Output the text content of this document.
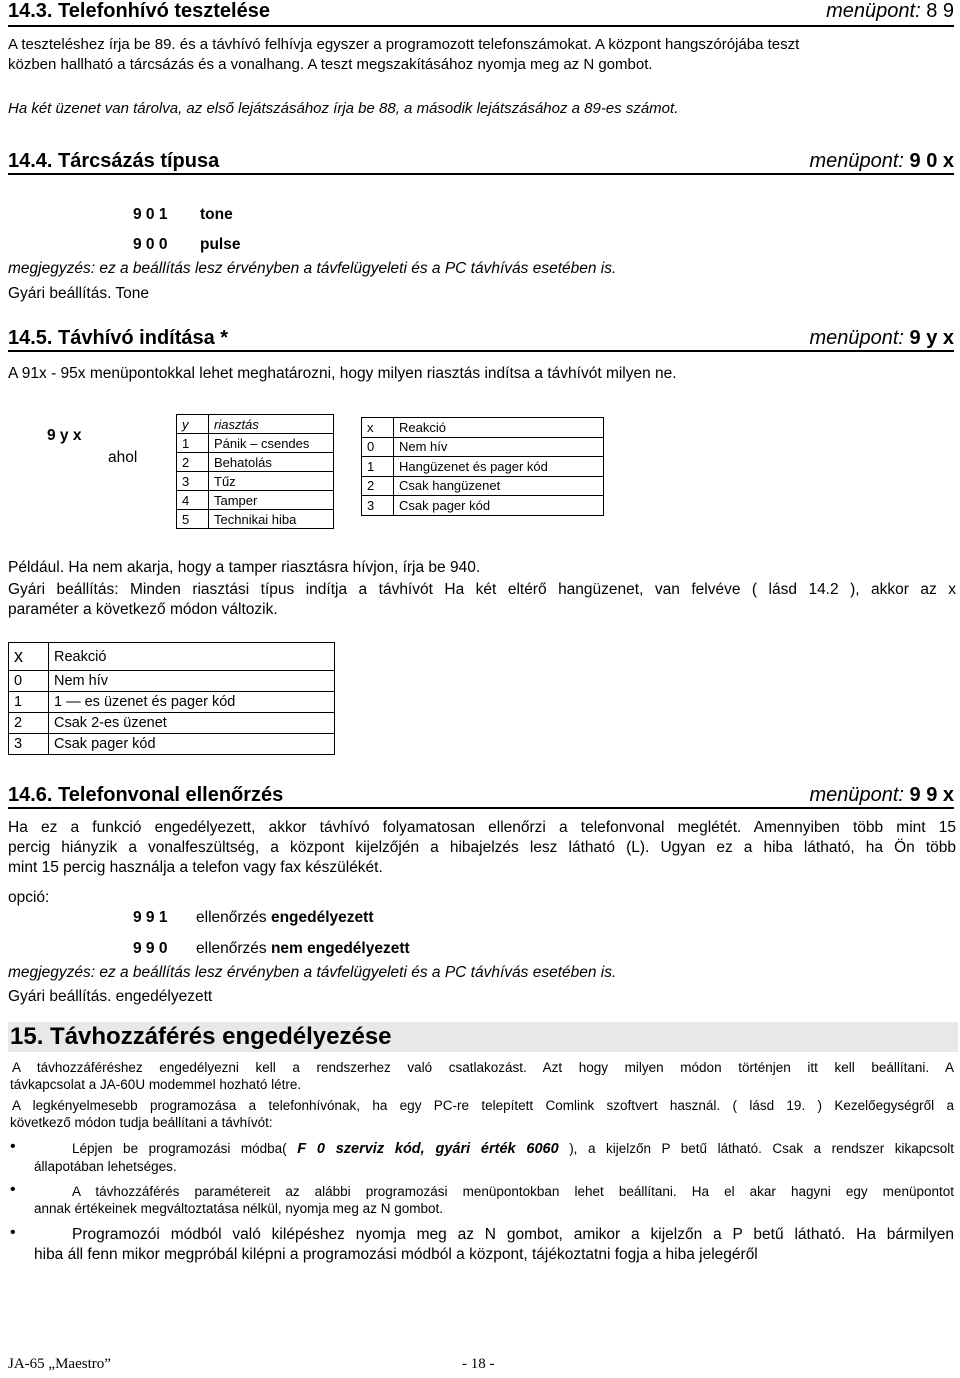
14.3. Telefonhívó tesztelése	menüpont: 8 9
A teszteléshez írja be 89. és a távhívó felhívja egyszer a programozott telefonszámokat. A központ hangszórójába teszt
közben hallható a tárcsázás és a vonalhang. A teszt megszakításához nyomja meg az N gombot.
Ha két üzenet van tárolva, az első lejátszásához írja be 88, a második lejátszásához a 89-es számot.
14.4. Tárcsázás típusa	menüpont: 9 0 x
9 0 1 tone
9 0 0 pulse
megjegyzés: ez a beállítás lesz érvényben a távfelügyeleti és a PC távhívás esetében is.
Gyári beállítás. Tone
14.5. Távhívó indítása *	menüpont: 9 y x
A 91x - 95x menüpontokkal lehet meghatározni, hogy milyen riasztás indítsa a távhívót milyen ne.
9 y x
ahol
y	riasztás
1	Pánik – csendes
2	Behatolás
3	Tűz
4	Tamper
5	Technikai hiba
x	Reakció
0	Nem hív
1	Hangüzenet és pager kód
2	Csak hangüzenet
3	Csak pager kód
Például. Ha nem akarja, hogy a tamper riasztásra hívjon, írja be 940.
Gyári beállítás: Minden riasztási típus indítja a távhívót Ha két eltérő hangüzenet, van felvéve ( lásd 14.2 ), akkor az x
paraméter a következő módon változik.
x	Reakció
0	Nem hív
1	1 — es üzenet és pager kód
2	Csak 2-es üzenet
3	Csak pager kód
14.6. Telefonvonal ellenőrzés	menüpont: 9 9 x
Ha ez a funkció engedélyezett, akkor távhívó folyamatosan ellenőrzi a telefonvonal meglétét. Amennyiben több mint 15
percig hiányzik a vonalfeszültség, a központ kijelzőjén a hibajelzés lesz látható (L). Ugyan ez a hiba látható, ha Ön több
mint 15 percig használja a telefon vagy fax készülékét.
opció:
9 9 1 ellenőrzés engedélyezett
9 9 0 ellenőrzés nem engedélyezett
megjegyzés: ez a beállítás lesz érvényben a távfelügyeleti és a PC távhívás esetében is.
Gyári beállítás. engedélyezett
15. Távhozzáférés engedélyezése
A távhozzáféréshez engedélyezni kell a rendszerhez való csatlakozást. Azt hogy milyen módon történjen itt kell beállítani. A
távkapcsolat a JA-60U modemmel hozható létre.
A legkényelmesebb programozása a telefonhívónak, ha egy PC-re telepített Comlink szoftvert használ. ( lásd 19. ) Kezelőegységről a
következő módon tudja beállítani a távhívót:
•	Lépjen be programozási módba( F 0 szerviz kód, gyári érték 6060 ), a kijelzőn P betű látható. Csak a rendszer kikapcsolt
állapotában lehetséges.
•	A távhozzáférés paramétereit az alábbi programozási menüpontokban lehet beállítani. Ha el akar hagyni egy menüpontot
annak értékeinek megváltoztatása nélkül, nyomja meg az N gombot.
•	Programozói módból való kilépéshez nyomja meg az N gombot, amikor a kijelzőn a P betű látható. Ha bármilyen
hiba áll fenn mikor megpróbál kilépni a programozási módból a központ, tájékoztatni fogja a hiba jelegéről
JA-65 „Maestro”	- 18 -
